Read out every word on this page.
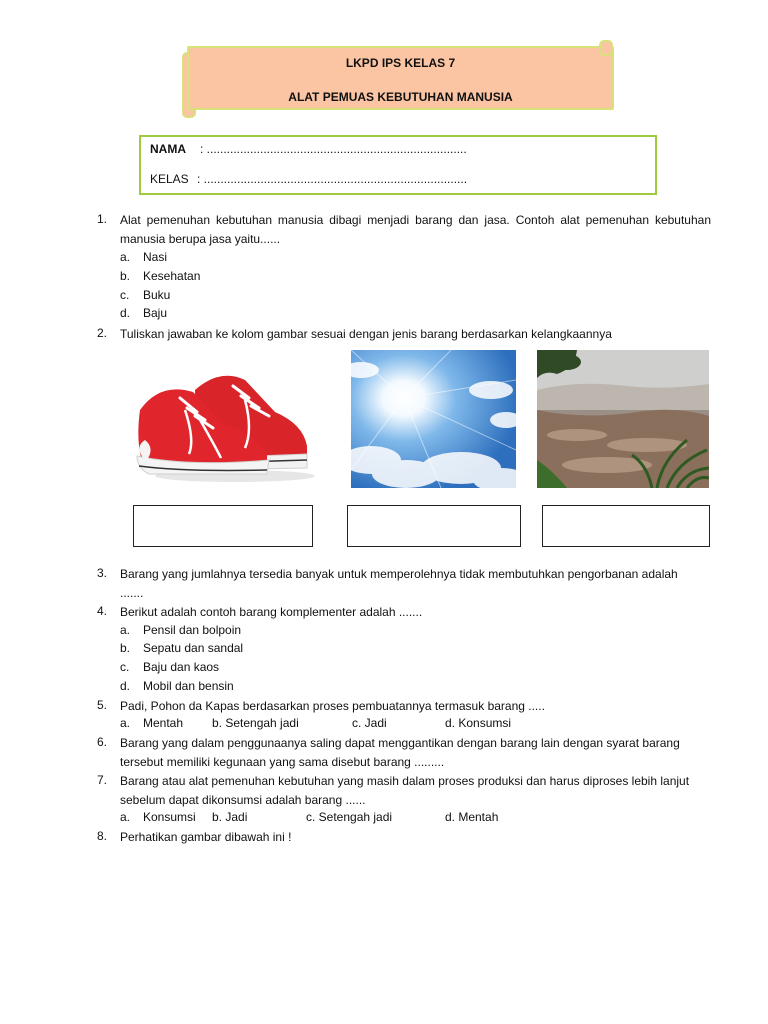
LKPD IPS KELAS 7
ALAT PEMUAS KEBUTUHAN MANUSIA
NAMA : ..............................................................................
KELAS : ...............................................................................
1. Alat pemenuhan kebutuhan manusia dibagi menjadi barang dan jasa. Contoh alat pemenuhan kebutuhan manusia berupa jasa yaitu......
a. Nasi
b. Kesehatan
c. Buku
d. Baju
2. Tuliskan jawaban ke kolom gambar sesuai dengan jenis barang berdasarkan kelangkaannya
3. Barang yang jumlahnya tersedia banyak untuk memperolehnya tidak membutuhkan pengorbanan adalah .......
4. Berikut adalah contoh barang komplementer adalah .......
a. Pensil dan bolpoin
b. Sepatu dan sandal
c. Baju dan kaos
d. Mobil dan bensin
5. Padi, Pohon da Kapas berdasarkan proses pembuatannya termasuk barang .....
a. Mentah b. Setengah jadi	c. Jadi	d. Konsumsi
6. Barang yang dalam penggunaanya saling dapat menggantikan dengan barang lain dengan syarat barang tersebut memiliki kegunaan yang sama disebut barang .........
7. Barang atau alat pemenuhan kebutuhan yang masih dalam proses produksi dan harus diproses lebih lanjut sebelum dapat dikonsumsi adalah barang ......
a. Konsumsi b. Jadi	c. Setengah jadi	d. Mentah
8. Perhatikan gambar dibawah ini !
